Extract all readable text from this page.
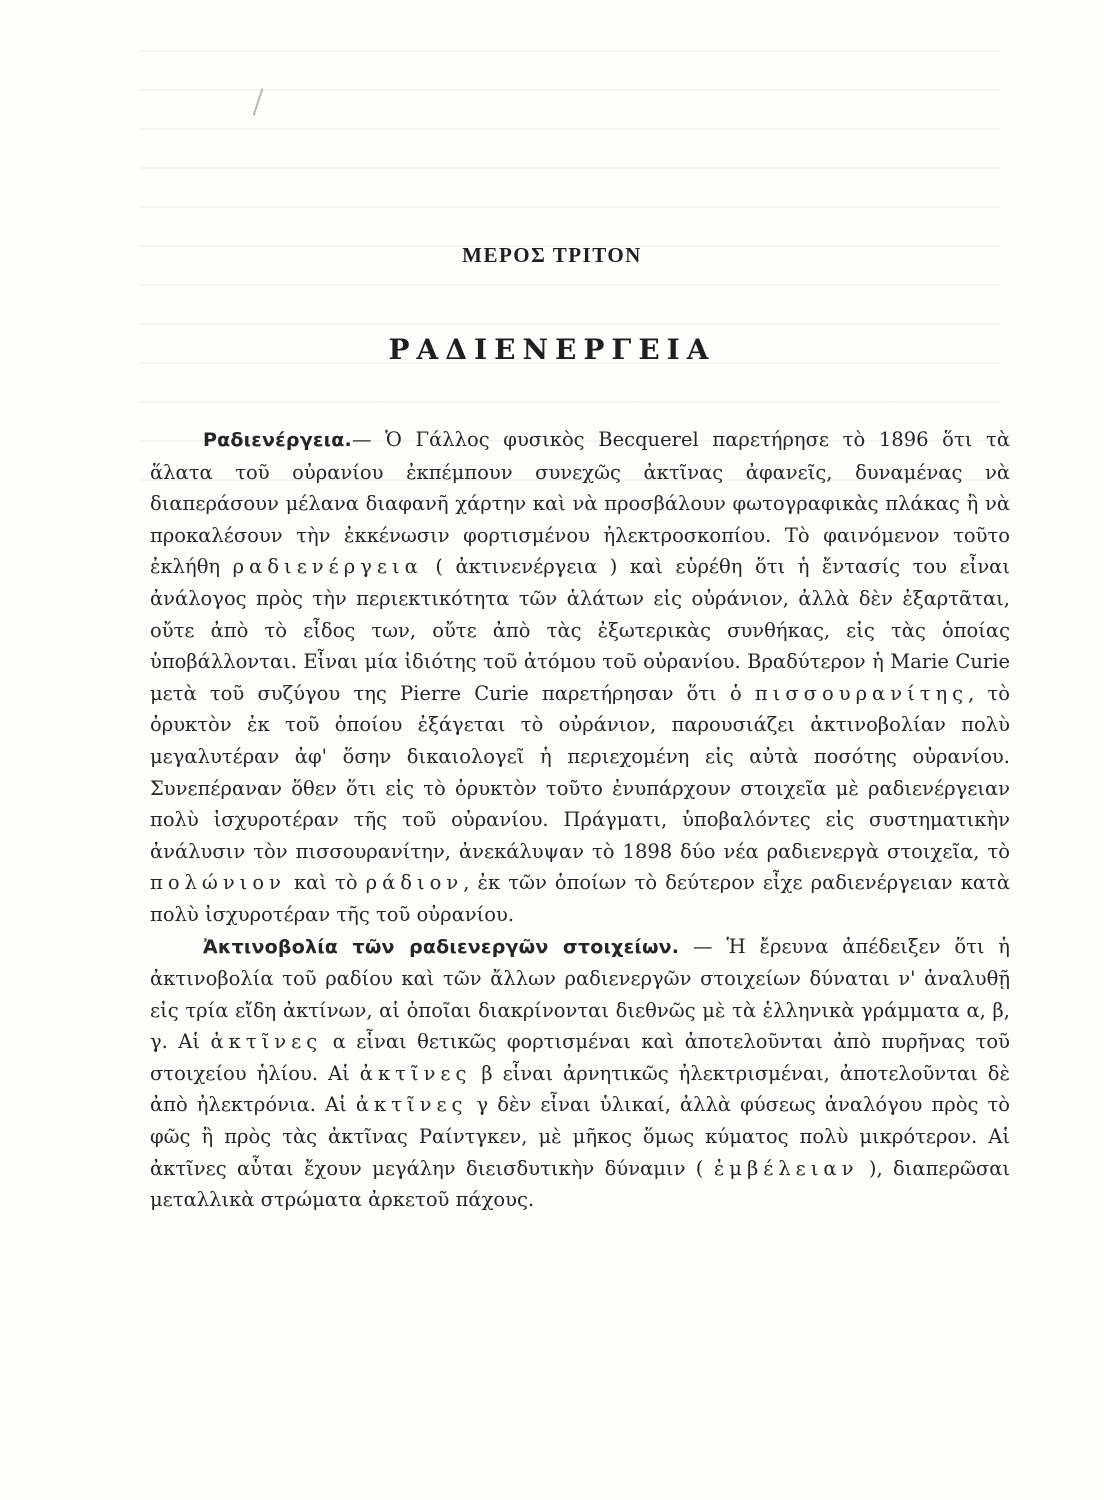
ΜΕΡΟΣ ΤΡΙΤΟΝ
ΡΑΔΙΕΝΕΡΓΕΙΑ

Ραδιενέργεια.— Ὁ Γάλλος φυσικὸς Becquerel παρετήρησε τὸ 1896 ὅτι τὰ ἅλατα τοῦ οὐρανίου ἐκπέμπουν συνεχῶς ἀκτῖνας ἀφανεῖς, δυναμένας νὰ διαπεράσουν μέλανα διαφανῆ χάρτην καὶ νὰ προσβάλουν φωτογραφικὰς πλάκας ἢ νὰ προκαλέσουν τὴν ἐκκένωσιν φορτισμένου ἠλεκτροσκοπίου. Τὸ φαινόμενον τοῦτο ἐκλήθη ραδιενέργεια ( ἀκτινενέργεια ) καὶ εὑρέθη ὅτι ἡ ἔντασίς του εἶναι ἀνάλογος πρὸς τὴν περιεκτικότητα τῶν ἁλάτων εἰς οὐράνιον, ἀλλὰ δὲν ἐξαρτᾶται, οὔτε ἀπὸ τὸ εἶδος των, οὔτε ἀπὸ τὰς ἐξωτερικὰς συνθήκας, εἰς τὰς ὁποίας ὑποβάλλονται. Εἶναι μία ἰδιότης τοῦ ἀτόμου τοῦ οὐρανίου. Βραδύτερον ἡ Marie Curie μετὰ τοῦ συζύγου της Pierre Curie παρετήρησαν ὅτι ὁ πισσουρανίτης, τὸ ὀρυκτὸν ἐκ τοῦ ὁποίου ἐξάγεται τὸ οὐράνιον, παρουσιάζει ἀκτινοβολίαν πολὺ μεγαλυτέραν ἀφ' ὅσην δικαιολογεῖ ἡ περιεχομένη εἰς αὐτὰ ποσότης οὐρανίου. Συνεπέραναν ὅθεν ὅτι εἰς τὸ ὀρυκτὸν τοῦτο ἐνυπάρχουν στοιχεῖα μὲ ραδιενέργειαν πολὺ ἰσχυροτέραν τῆς τοῦ οὐρανίου. Πράγματι, ὑποβαλόντες εἰς συστηματικὴν ἀνάλυσιν τὸν πισσουρανίτην, ἀνεκάλυψαν τὸ 1898 δύο νέα ραδιενεργὰ στοιχεῖα, τὸ πολώνιον καὶ τὸ ράδιον, ἐκ τῶν ὁποίων τὸ δεύτερον εἶχε ραδιενέργειαν κατὰ πολὺ ἰσχυροτέραν τῆς τοῦ οὐρανίου.

Ἀκτινοβολία τῶν ραδιενεργῶν στοιχείων. — Ἡ ἔρευνα ἀπέδειξεν ὅτι ἡ ἀκτινοβολία τοῦ ραδίου καὶ τῶν ἄλλων ραδιενεργῶν στοιχείων δύναται ν' ἀναλυθῇ εἰς τρία εἴδη ἀκτίνων, αἱ ὁποῖαι διακρίνονται διεθνῶς μὲ τὰ ἑλληνικὰ γράμματα α, β, γ. Αἱ ἀκτῖνες α εἶναι θετικῶς φορτισμέναι καὶ ἀποτελοῦνται ἀπὸ πυρῆνας τοῦ στοιχείου ἡλίου. Αἱ ἀκτῖνες β εἶναι ἀρνητικῶς ἠλεκτρισμέναι, ἀποτελοῦνται δὲ ἀπὸ ἠλεκτρόνια. Αἱ ἀκτῖνες γ δὲν εἶναι ὑλικαί, ἀλλὰ φύσεως ἀναλόγου πρὸς τὸ φῶς ἢ πρὸς τὰς ἀκτῖνας Ραίντγκεν, μὲ μῆκος ὅμως κύματος πολὺ μικρότερον. Αἱ ἀκτῖνες αὗται ἔχουν μεγάλην διεισδυτικὴν δύναμιν ( ἐμβέλειαν ), διαπερῶσαι μεταλλικὰ στρώματα ἀρκετοῦ πάχους.
